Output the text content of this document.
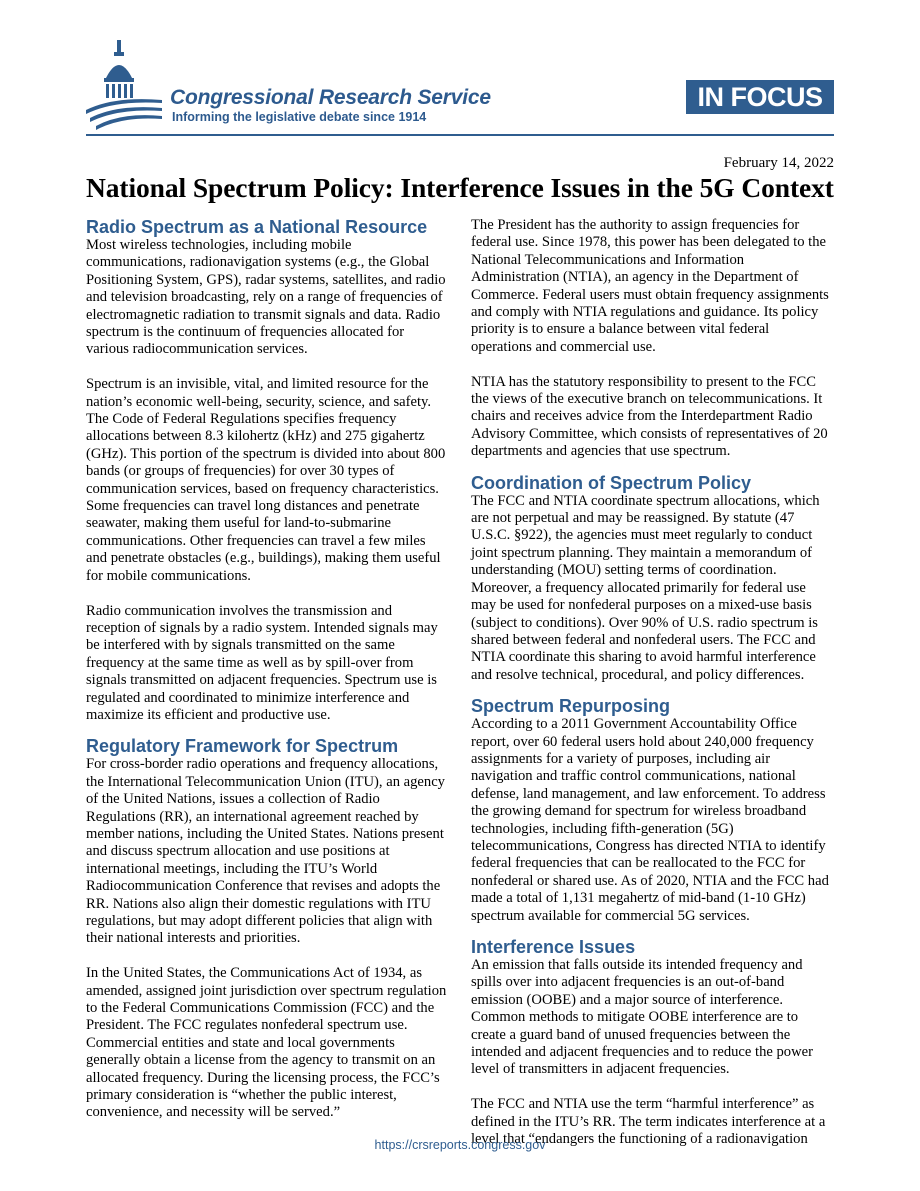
Congressional Research Service
Informing the legislative debate since 1914
IN FOCUS
February 14, 2022
National Spectrum Policy: Interference Issues in the 5G Context
Radio Spectrum as a National Resource

Most wireless technologies, including mobile communications, radionavigation systems (e.g., the Global Positioning System, GPS), radar systems, satellites, and radio and television broadcasting, rely on a range of frequencies of electromagnetic radiation to transmit signals and data. Radio spectrum is the continuum of frequencies allocated for various radiocommunication services.

Spectrum is an invisible, vital, and limited resource for the nation’s economic well-being, security, science, and safety. The Code of Federal Regulations specifies frequency allocations between 8.3 kilohertz (kHz) and 275 gigahertz (GHz). This portion of the spectrum is divided into about 800 bands (or groups of frequencies) for over 30 types of communication services, based on frequency characteristics. Some frequencies can travel long distances and penetrate seawater, making them useful for land-to-submarine communications. Other frequencies can travel a few miles and penetrate obstacles (e.g., buildings), making them useful for mobile communications.

Radio communication involves the transmission and reception of signals by a radio system. Intended signals may be interfered with by signals transmitted on the same frequency at the same time as well as by spill-over from signals transmitted on adjacent frequencies. Spectrum use is regulated and coordinated to minimize interference and maximize its efficient and productive use.

Regulatory Framework for Spectrum

For cross-border radio operations and frequency allocations, the International Telecommunication Union (ITU), an agency of the United Nations, issues a collection of Radio Regulations (RR), an international agreement reached by member nations, including the United States. Nations present and discuss spectrum allocation and use positions at international meetings, including the ITU’s World Radiocommunication Conference that revises and adopts the RR. Nations also align their domestic regulations with ITU regulations, but may adopt different policies that align with their national interests and priorities.

In the United States, the Communications Act of 1934, as amended, assigned joint jurisdiction over spectrum regulation to the Federal Communications Commission (FCC) and the President. The FCC regulates nonfederal spectrum use. Commercial entities and state and local governments generally obtain a license from the agency to transmit on an allocated frequency. During the licensing process, the FCC’s primary consideration is “whether the public interest, convenience, and necessity will be served.”

The President has the authority to assign frequencies for federal use. Since 1978, this power has been delegated to the National Telecommunications and Information Administration (NTIA), an agency in the Department of Commerce. Federal users must obtain frequency assignments and comply with NTIA regulations and guidance. Its policy priority is to ensure a balance between vital federal operations and commercial use.

NTIA has the statutory responsibility to present to the FCC the views of the executive branch on telecommunications. It chairs and receives advice from the Interdepartment Radio Advisory Committee, which consists of representatives of 20 departments and agencies that use spectrum.

Coordination of Spectrum Policy

The FCC and NTIA coordinate spectrum allocations, which are not perpetual and may be reassigned. By statute (47 U.S.C. §922), the agencies must meet regularly to conduct joint spectrum planning. They maintain a memorandum of understanding (MOU) setting terms of coordination. Moreover, a frequency allocated primarily for federal use may be used for nonfederal purposes on a mixed-use basis (subject to conditions). Over 90% of U.S. radio spectrum is shared between federal and nonfederal users. The FCC and NTIA coordinate this sharing to avoid harmful interference and resolve technical, procedural, and policy differences.

Spectrum Repurposing

According to a 2011 Government Accountability Office report, over 60 federal users hold about 240,000 frequency assignments for a variety of purposes, including air navigation and traffic control communications, national defense, land management, and law enforcement. To address the growing demand for spectrum for wireless broadband technologies, including fifth-generation (5G) telecommunications, Congress has directed NTIA to identify federal frequencies that can be reallocated to the FCC for nonfederal or shared use. As of 2020, NTIA and the FCC had made a total of 1,131 megahertz of mid-band (1-10 GHz) spectrum available for commercial 5G services.

Interference Issues

An emission that falls outside its intended frequency and spills over into adjacent frequencies is an out-of-band emission (OOBE) and a major source of interference. Common methods to mitigate OOBE interference are to create a guard band of unused frequencies between the intended and adjacent frequencies and to reduce the power level of transmitters in adjacent frequencies.

The FCC and NTIA use the term “harmful interference” as defined in the ITU’s RR. The term indicates interference at a level that “endangers the functioning of a radionavigation

https://crsreports.congress.gov
